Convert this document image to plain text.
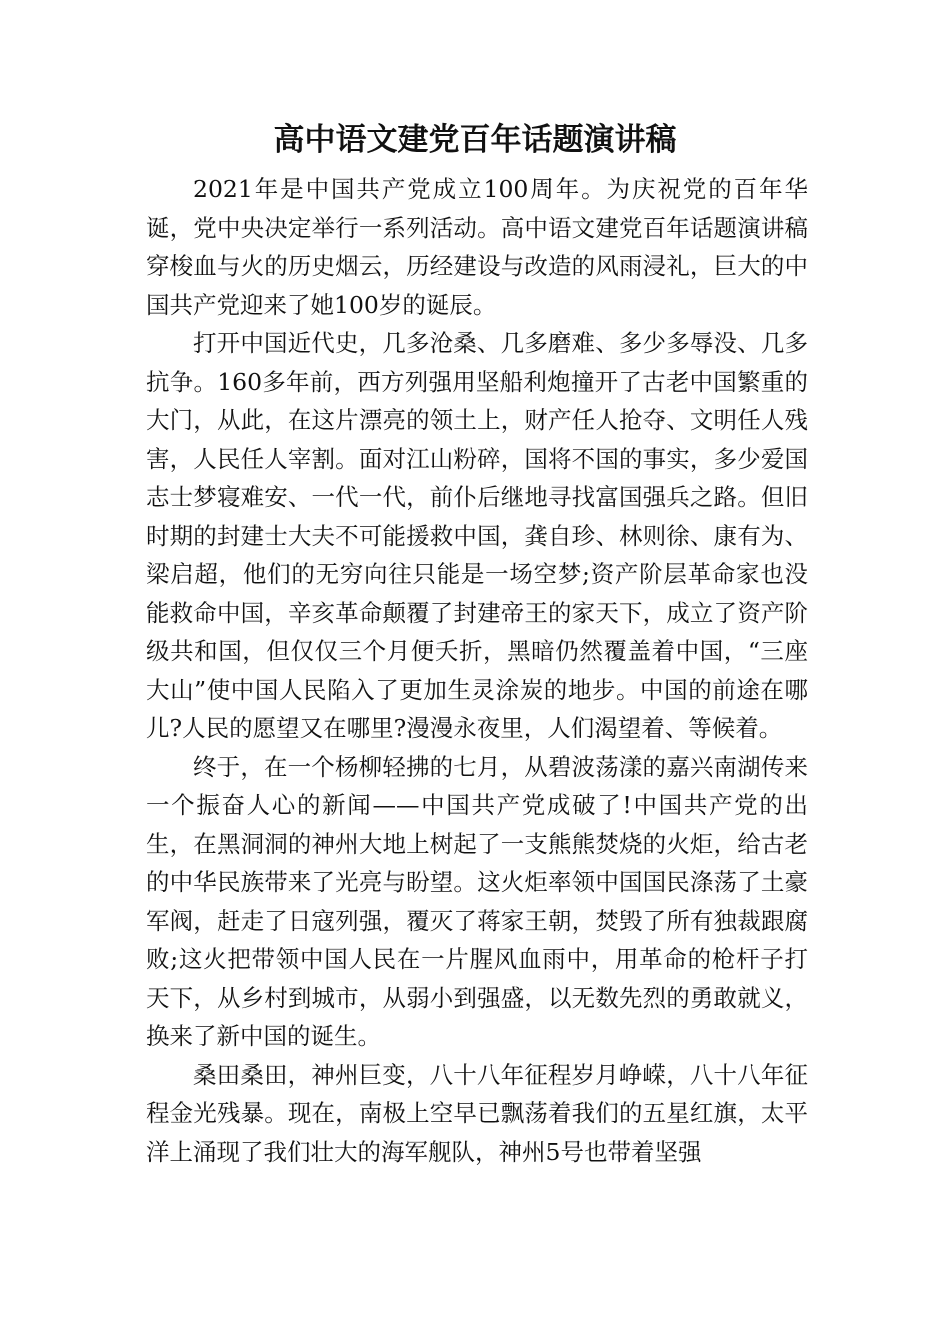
高中语文建党百年话题演讲稿

2021年是中国共产党成立100周年。为庆祝党的百年华诞，党中央决定举行一系列活动。高中语文建党百年话题演讲稿穿梭血与火的历史烟云，历经建设与改造的风雨浸礼，巨大的中国共产党迎来了她100岁的诞辰。

打开中国近代史，几多沧桑、几多磨难、多少多辱没、几多抗争。160多年前，西方列强用坚船利炮撞开了古老中国繁重的大门，从此，在这片漂亮的领土上，财产任人抢夺、文明任人残害，人民任人宰割。面对江山粉碎，国将不国的事实，多少爱国志士梦寝难安、一代一代，前仆后继地寻找富国强兵之路。但旧时期的封建士大夫不可能援救中国，龚自珍、林则徐、康有为、梁启超，他们的无穷向往只能是一场空梦;资产阶层革命家也没能救命中国，辛亥革命颠覆了封建帝王的家天下，成立了资产阶级共和国，但仅仅三个月便夭折，黑暗仍然覆盖着中国，“三座大山”使中国人民陷入了更加生灵涂炭的地步。中国的前途在哪儿?人民的愿望又在哪里?漫漫永夜里，人们渴望着、等候着。

终于，在一个杨柳轻拂的七月，从碧波荡漾的嘉兴南湖传来一个振奋人心的新闻——中国共产党成破了!中国共产党的出生，在黑洞洞的神州大地上树起了一支熊熊焚烧的火炬，给古老的中华民族带来了光亮与盼望。这火炬率领中国国民涤荡了土豪军阀，赶走了日寇列强，覆灭了蒋家王朝，焚毁了所有独裁跟腐败;这火把带领中国人民在一片腥风血雨中，用革命的枪杆子打天下，从乡村到城市，从弱小到强盛，以无数先烈的勇敢就义，换来了新中国的诞生。

桑田桑田，神州巨变，八十八年征程岁月峥嵘，八十八年征程金光残暴。现在，南极上空早已飘荡着我们的五星红旗，太平洋上涌现了我们壮大的海军舰队，神州5号也带着坚强
